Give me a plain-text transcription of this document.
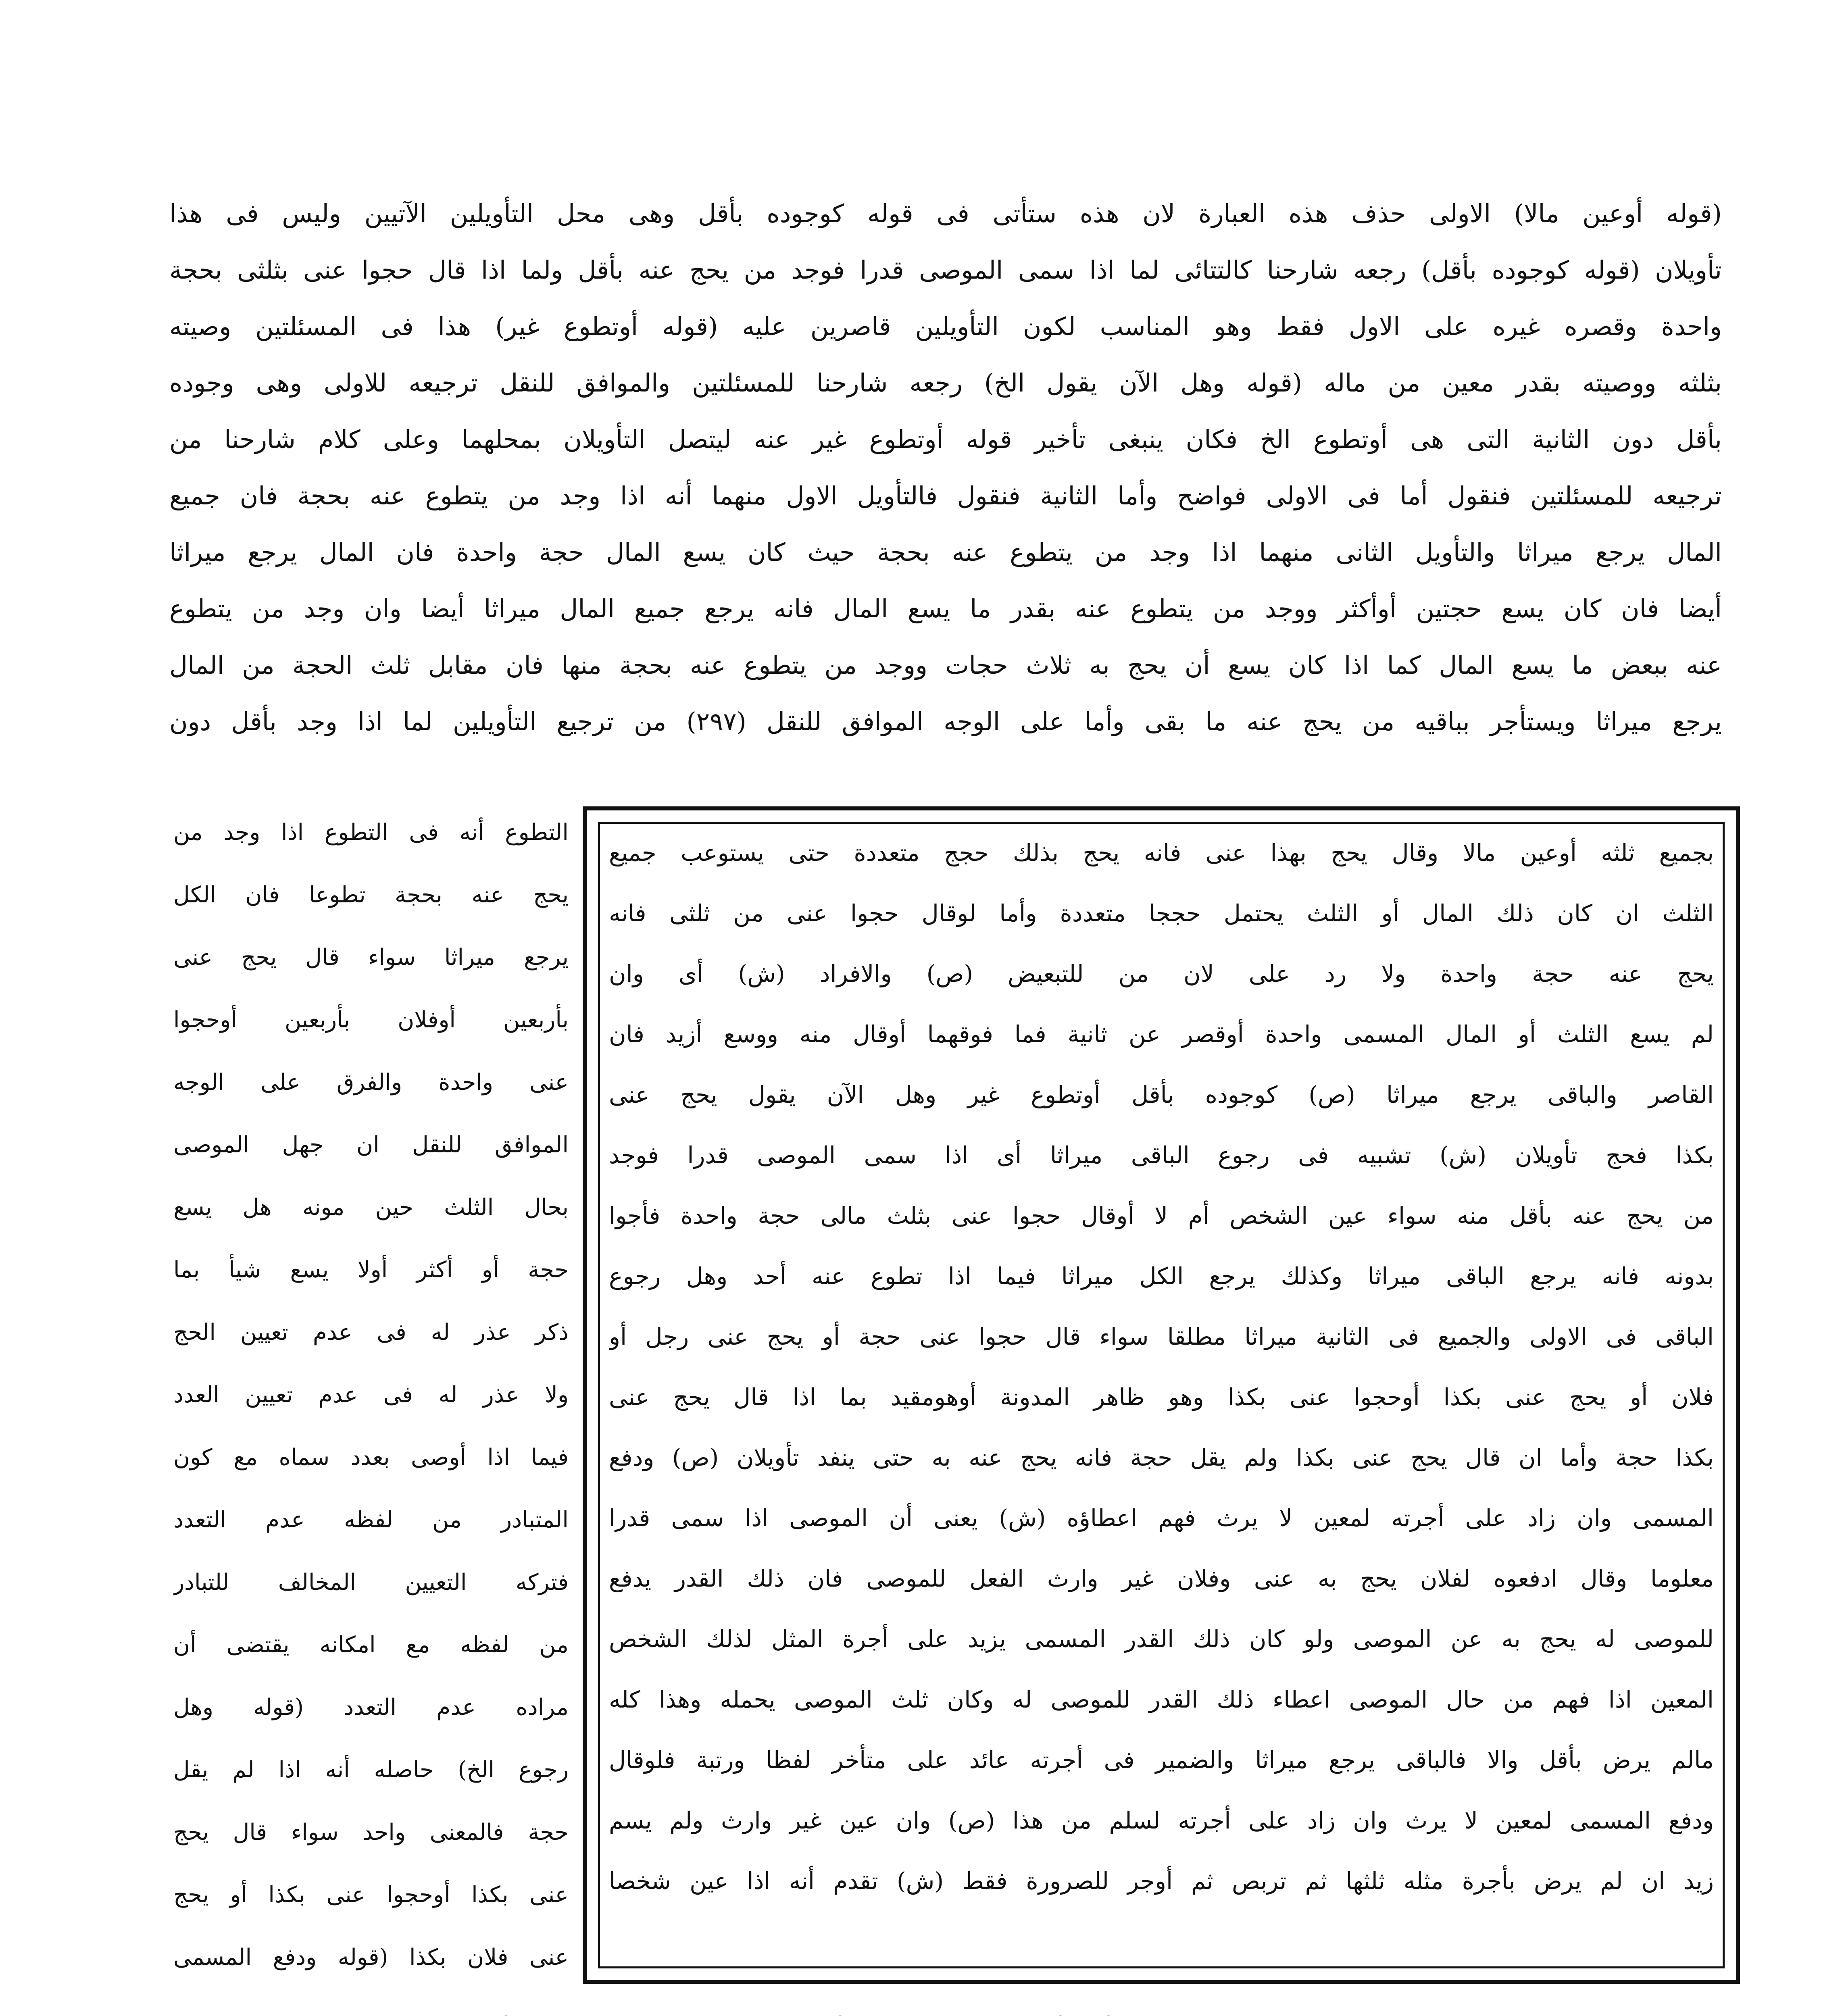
(قوله أوعين مالا) الاولى حذف هذه العبارة لان هذه ستأتى فى قوله كوجوده بأقل وهى محل التأويلين الآتيين وليس فى هذا
تأويلان (قوله كوجوده بأقل) رجعه شارحنا كالتتائى لما اذا سمى الموصى قدرا فوجد من يحج عنه بأقل ولما اذا قال حجوا عنى بثلثى بحجة
واحدة وقصره غيره على الاول فقط وهو المناسب لكون التأويلين قاصرين عليه (قوله أوتطوع غير) هذا فى المسئلتين وصيته
بثلثه ووصيته بقدر معين من ماله (قوله وهل الآن يقول الخ) رجعه شارحنا للمسئلتين والموافق للنقل ترجيعه للاولى وهى وجوده
بأقل دون الثانية التى هى أوتطوع الخ فكان ينبغى تأخير قوله أوتطوع غير عنه ليتصل التأويلان بمحلهما وعلى كلام شارحنا من
ترجيعه للمسئلتين فنقول أما فى الاولى فواضح وأما الثانية فنقول فالتأويل الاول منهما أنه اذا وجد من يتطوع عنه بحجة فان جميع
المال يرجع ميراثا والتأويل الثانى منهما اذا وجد من يتطوع عنه بحجة حيث كان يسع المال حجة واحدة فان المال يرجع ميراثا
أيضا فان كان يسع حجتين أوأكثر ووجد من يتطوع عنه بقدر ما يسع المال فانه يرجع جميع المال ميراثا أيضا وان وجد من يتطوع
عنه ببعض ما يسع المال كما اذا كان يسع أن يحج به ثلاث حجات ووجد من يتطوع عنه بحجة منها فان مقابل ثلث الحجة من المال
يرجع ميراثا ويستأجر بباقيه من يحج عنه ما بقى وأما على الوجه الموافق للنقل (٢٩٧) من ترجيع التأويلين لما اذا وجد بأقل دون
بجميع ثلثه أوعين مالا وقال يحج بهذا عنى فانه يحج بذلك حجج متعددة حتى يستوعب جميع
الثلث ان كان ذلك المال أو الثلث يحتمل حججا متعددة وأما لوقال حجوا عنى من ثلثى فانه
يحج عنه حجة واحدة ولا رد على لان من للتبعيض (ص) والافراد (ش) أى وان
لم يسع الثلث أو المال المسمى واحدة أوقصر عن ثانية فما فوقهما أوقال منه ووسع أزيد فان
القاصر والباقى يرجع ميراثا (ص) كوجوده بأقل أوتطوع غير وهل الآن يقول يحج عنى
بكذا فحج تأويلان (ش) تشبيه فى رجوع الباقى ميراثا أى اذا سمى الموصى قدرا فوجد
من يحج عنه بأقل منه سواء عين الشخص أم لا أوقال حجوا عنى بثلث مالى حجة واحدة فأجوا
بدونه فانه يرجع الباقى ميراثا وكذلك يرجع الكل ميراثا فيما اذا تطوع عنه أحد وهل رجوع
الباقى فى الاولى والجميع فى الثانية ميراثا مطلقا سواء قال حجوا عنى حجة أو يحج عنى رجل أو
فلان أو يحج عنى بكذا أوحجوا عنى بكذا وهو ظاهر المدونة أوهومقيد بما اذا قال يحج عنى
بكذا حجة وأما ان قال يحج عنى بكذا ولم يقل حجة فانه يحج عنه به حتى ينفد تأويلان (ص) ودفع
المسمى وان زاد على أجرته لمعين لا يرث فهم اعطاؤه (ش) يعنى أن الموصى اذا سمى قدرا
معلوما وقال ادفعوه لفلان يحج به عنى وفلان غير وارث الفعل للموصى فان ذلك القدر يدفع
للموصى له يحج به عن الموصى ولو كان ذلك القدر المسمى يزيد على أجرة المثل لذلك الشخص
المعين اذا فهم من حال الموصى اعطاء ذلك القدر للموصى له وكان ثلث الموصى يحمله وهذا كله
مالم يرض بأقل والا فالباقى يرجع ميراثا والضمير فى أجرته عائد على متأخر لفظا ورتبة فلوقال
ودفع المسمى لمعين لا يرث وان زاد على أجرته لسلم من هذا (ص) وان عين غير وارث ولم يسم
زيد ان لم يرض بأجرة مثله ثلثها ثم تربص ثم أوجر للصرورة فقط (ش) تقدم أنه اذا عين شخصا
التطوع أنه فى التطوع اذا وجد من
يحج عنه بحجة تطوعا فان الكل
يرجع ميراثا سواء قال يحج عنى
بأربعين أوفلان بأربعين أوحجوا
عنى واحدة والفرق على الوجه
الموافق للنقل ان جهل الموصى
بحال الثلث حين مونه هل يسع
حجة أو أكثر أولا يسع شيأ بما
ذكر عذر له فى عدم تعيين الحج
ولا عذر له فى عدم تعيين العدد
فيما اذا أوصى بعدد سماه مع كون
المتبادر من لفظه عدم التعدد
فتركه التعيين المخالف للتبادر
من لفظه مع امكانه يقتضى أن
مراده عدم التعدد (قوله وهل
رجوع الخ) حاصله أنه اذا لم يقل
حجة فالمعنى واحد سواء قال يحج
عنى بكذا أوحجوا عنى بكذا أو يحج
عنى فلان بكذا (قوله ودفع المسمى
